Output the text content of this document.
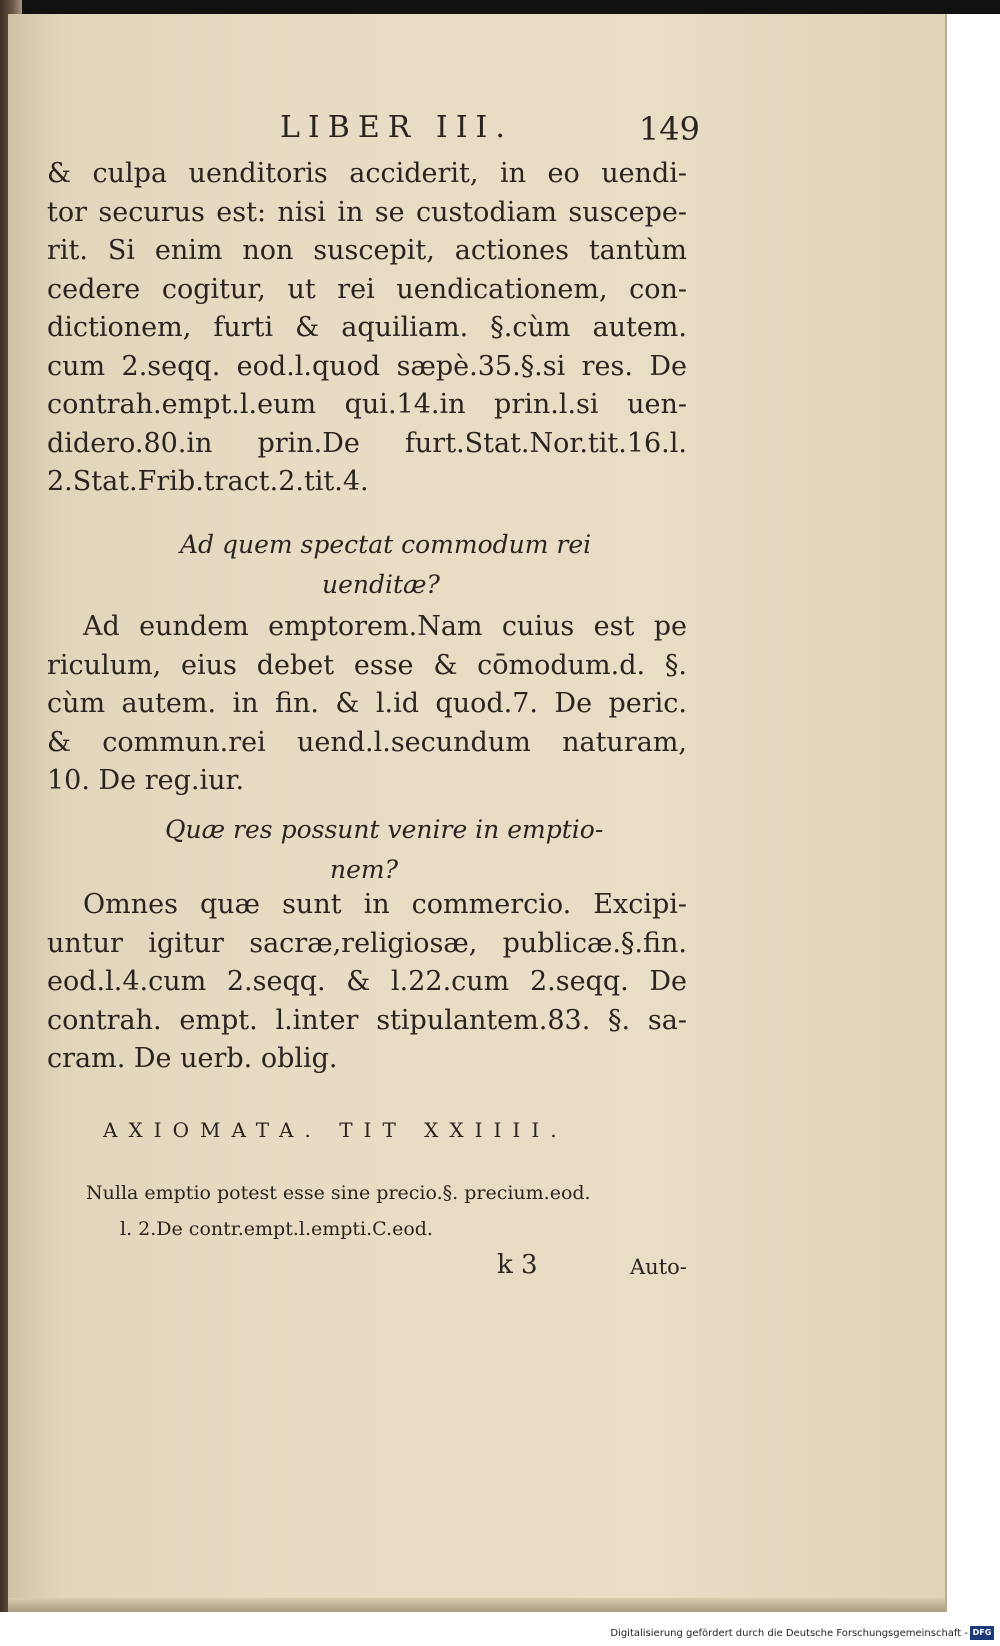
LIBER III.	149
& culpa uenditoris acciderit, in eo uendi-
tor securus est: nisi in se custodiam suscepe-
rit. Si enim non suscepit, actiones tantùm
cedere cogitur, ut rei uendicationem, con-
dictionem, furti & aquiliam. §.cùm autem.
cum 2.seqq. eod.l.quod sæpè.35.§.si res. De
contrah.empt.l.eum qui.14.in prin.l.si uen-
didero.80.in prin.De furt.Stat.Nor.tit.16.l.
2.Stat.Frib.tract.2.tit.4.
Ad quem spectat commodum rei
uenditæ?
Ad eundem emptorem.Nam cuius est pe
riculum, eius debet esse & cōmodum.d. §.
cùm autem. in fin. & l.id quod.7. De peric.
& commun.rei uend.l.secundum naturam,
10. De reg.iur.
Quæ res possunt venire in emptio-
nem?
Omnes quæ sunt in commercio. Excipi-
untur igitur sacræ,religiosæ, publicæ.§.fin.
eod.l.4.cum 2.seqq. & l.22.cum 2.seqq. De
contrah. empt. l.inter stipulantem.83. §. sa-
cram. De uerb. oblig.
AXIOMATA. TIT XXIIII.
Nulla emptio potest esse sine precio.§. precium.eod.
l. 2.De contr.empt.l.empti.C.eod.
k 3	Auto-
Digitalisierung gefördert durch die Deutsche Forschungsgemeinschaft - DFG
